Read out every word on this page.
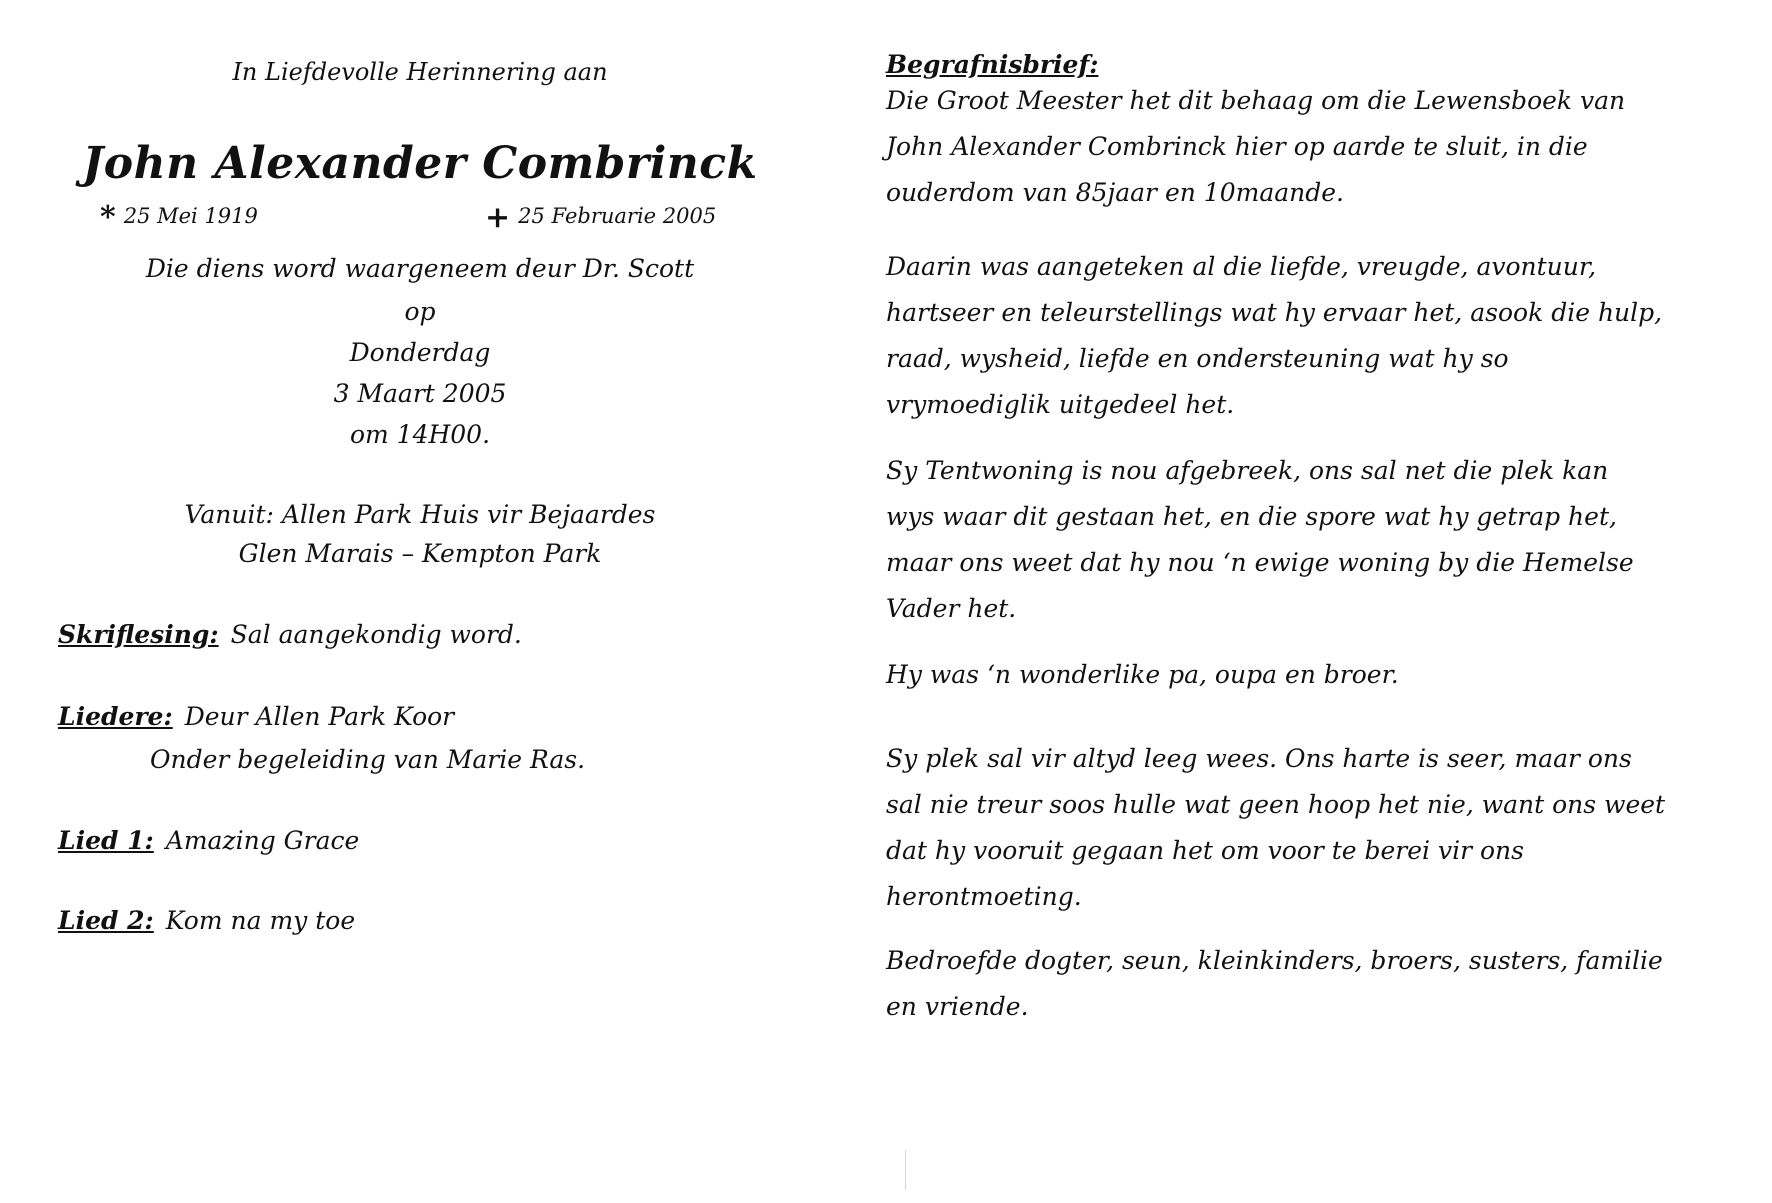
In Liefdevolle Herinnering aan
John Alexander Combrinck
* 25 Mei 1919	+ 25 Februarie 2005
Die diens word waargeneem deur Dr. Scott
op
Donderdag
3 Maart 2005
om 14H00.
Vanuit: Allen Park Huis vir Bejaardes
Glen Marais – Kempton Park
Skriflesing: Sal aangekondig word.
Liedere: Deur Allen Park Koor
Onder begeleiding van Marie Ras.
Lied 1: Amazing Grace
Lied 2: Kom na my toe
Begrafnisbrief:
Die Groot Meester het dit behaag om die Lewensboek van
John Alexander Combrinck hier op aarde te sluit, in die
ouderdom van 85jaar en 10maande.
Daarin was aangeteken al die liefde, vreugde, avontuur,
hartseer en teleurstellings wat hy ervaar het, asook die hulp,
raad, wysheid, liefde en ondersteuning wat hy so
vrymoediglik uitgedeel het.
Sy Tentwoning is nou afgebreek, ons sal net die plek kan
wys waar dit gestaan het, en die spore wat hy getrap het,
maar ons weet dat hy nou ‘n ewige woning by die Hemelse
Vader het.
Hy was ‘n wonderlike pa, oupa en broer.
Sy plek sal vir altyd leeg wees. Ons harte is seer, maar ons
sal nie treur soos hulle wat geen hoop het nie, want ons weet
dat hy vooruit gegaan het om voor te berei vir ons
herontmoeting.
Bedroefde dogter, seun, kleinkinders, broers, susters, familie
en vriende.
